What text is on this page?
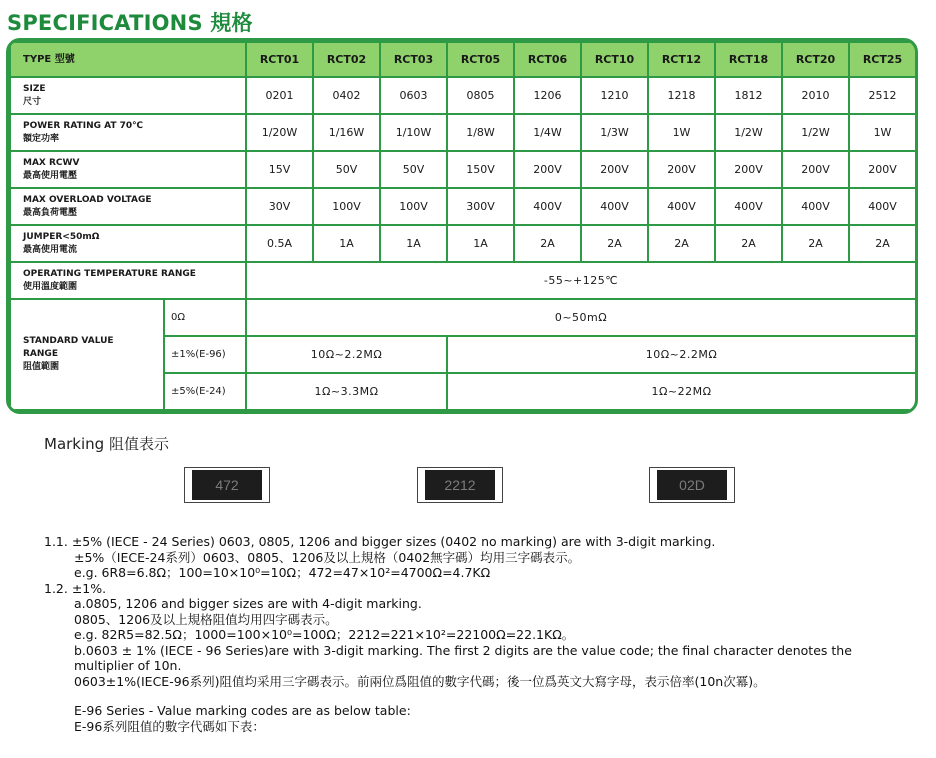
SPECIFICATIONS 規格
TYPE 型號		RCT01	RCT02	RCT03	RCT05	RCT06	RCT10	RCT12	RCT18	RCT20	RCT25
SIZE
尺寸		0201	0402	0603	0805	1206	1210	1218	1812	2010	2512
POWER RATING AT 70℃
額定功率		1/20W	1/16W	1/10W	1/8W	1/4W	1/3W	1W	1/2W	1/2W	1W
MAX RCWV
最高使用電壓		15V	50V	50V	150V	200V	200V	200V	200V	200V	200V
MAX OVERLOAD VOLTAGE
最高負荷電壓		30V	100V	100V	300V	400V	400V	400V	400V	400V	400V
JUMPER<50mΩ
最高使用電流		0.5A	1A	1A	1A	2A	2A	2A	2A	2A	2A
OPERATING TEMPERATURE RANGE
使用溫度範圍		-55~+125℃									
STANDARD VALUE
RANGE
阻值範圍	0Ω	0~50mΩ									
	±1%(E-96)	10Ω~2.2MΩ			10Ω~2.2MΩ						
	±5%(E-24)	1Ω~3.3MΩ			1Ω~22MΩ						
Marking 阻值表示
472	2212	02D
1.1. ±5% (IECE - 24 Series) 0603, 0805, 1206 and bigger sizes (0402 no marking) are with 3-digit marking.
±5%（IECE-24系列）0603、0805、1206及以上規格（0402無字碼）均用三字碼表示。
e.g. 6R8=6.8Ω；100=10×10⁰=10Ω；472=47×10²=4700Ω=4.7KΩ
1.2. ±1%.
a.0805, 1206 and bigger sizes are with 4-digit marking.
0805、1206及以上規格阻值均用四字碼表示。
e.g. 82R5=82.5Ω；1000=100×10⁰=100Ω；2212=221×10²=22100Ω=22.1KΩ。
b.0603 ± 1% (IECE - 96 Series)are with 3-digit marking. The first 2 digits are the value code; the final character denotes the multiplier of 10n.
0603±1%(IECE-96系列)阻值均采用三字碼表示。前兩位爲阻值的數字代碼；後一位爲英文大寫字母，表示倍率(10n次冪)。
E-96 Series - Value marking codes are as below table:
E-96系列阻值的數字代碼如下表：
